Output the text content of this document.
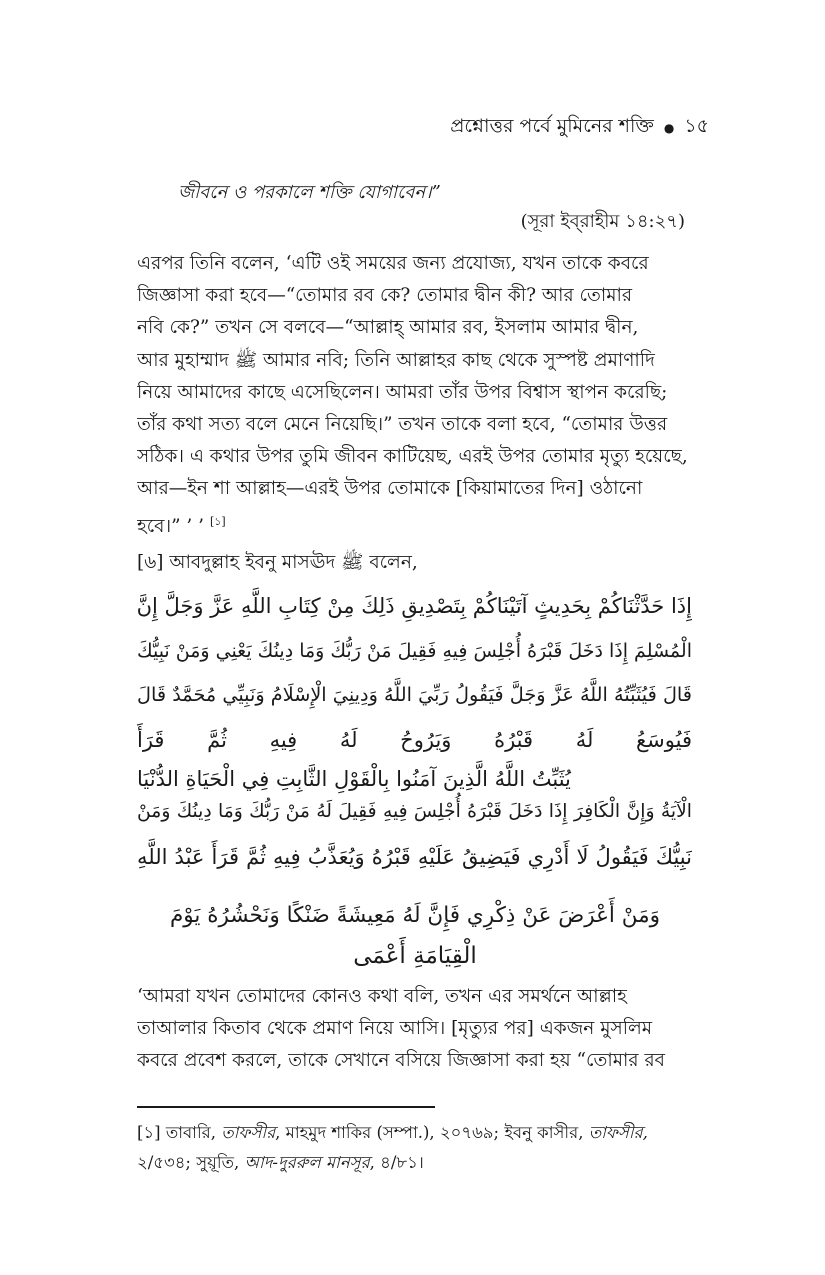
প্রশ্নোত্তর পর্বে মুমিনের শক্তি ● ১৫
জীবনে ও পরকালে শক্তি যোগাবেন।”
(সূরা ইব্‌রাহীম ১৪:২৭)
এরপর তিনি বলেন, ‘এটি ওই সময়ের জন্য প্রযোজ্য, যখন তাকে কবরে
জিজ্ঞাসা করা হবে—“তোমার রব কে? তোমার দ্বীন কী? আর তোমার
নবি কে?” তখন সে বলবে—“আল্লাহ্‌ আমার রব, ইসলাম আমার দ্বীন,
আর মুহাম্মাদ ﷺ আমার নবি; তিনি আল্লাহর কাছ থেকে সুস্পষ্ট প্রমাণাদি
নিয়ে আমাদের কাছে এসেছিলেন। আমরা তাঁর উপর বিশ্বাস স্থাপন করেছি;
তাঁর কথা সত্য বলে মেনে নিয়েছি।” তখন তাকে বলা হবে, “তোমার উত্তর
সঠিক। এ কথার উপর তুমি জীবন কাটিয়েছ, এরই উপর তোমার মৃত্যু হয়েছে,
আর—ইন শা আল্লাহ—এরই উপর তোমাকে [কিয়ামাতের দিন] ওঠানো
হবে।” ’ ’ [১]
[৬] আবদুল্লাহ ইবনু মাসঊদ ﷺ বলেন,
إِذَا حَدَّثْنَاكُمْ بِحَدِيثٍ آتَيْنَاكُمْ بِتَصْدِيقِ ذَلِكَ مِنْ كِتَابِ اللَّهِ عَزَّ وَجَلَّ إِنَّ
الْمُسْلِمَ إِذَا دَخَلَ قَبْرَهُ أُجْلِسَ فِيهِ فَقِيلَ مَنْ رَبُّكَ وَمَا دِينُكَ يَعْنِي وَمَنْ نَبِيُّكَ
قَالَ فَيُثَبِّتُهُ اللَّهُ عَزَّ وَجَلَّ فَيَقُولُ رَبِّيَ اللَّهُ وَدِينِيَ الْإِسْلَامُ وَنَبِيِّي مُحَمَّدٌ قَالَ
فَيُوسَعُ لَهُ قَبْرُهُ وَيَرُوحُ لَهُ فِيهِ ثُمَّ قَرَأَ
يُثَبِّتُ اللَّهُ الَّذِينَ آمَنُوا بِالْقَوْلِ الثَّابِتِ فِي الْحَيَاةِ الدُّنْيَا
الْآيَةُ وَإِنَّ الْكَافِرَ إِذَا دَخَلَ قَبْرَهُ أُجْلِسَ فِيهِ فَقِيلَ لَهُ مَنْ رَبُّكَ وَمَا دِينُكَ وَمَنْ
نَبِيُّكَ فَيَقُولُ لَا أَدْرِي فَيَضِيقُ عَلَيْهِ قَبْرُهُ وَيُعَذَّبُ فِيهِ ثُمَّ قَرَأَ عَبْدُ اللَّهِ
وَمَنْ أَعْرَضَ عَنْ ذِكْرِي فَإِنَّ لَهُ مَعِيشَةً ضَنْكًا وَنَحْشُرُهُ يَوْمَ
الْقِيَامَةِ أَعْمَى
‘আমরা যখন তোমাদের কোনও কথা বলি, তখন এর সমর্থনে আল্লাহ
তাআলার কিতাব থেকে প্রমাণ নিয়ে আসি। [মৃত্যুর পর] একজন মুসলিম
কবরে প্রবেশ করলে, তাকে সেখানে বসিয়ে জিজ্ঞাসা করা হয় “তোমার রব
[১] তাবারি, তাফসীর, মাহমুদ শাকির (সম্পা.), ২০৭৬৯; ইবনু কাসীর, তাফসীর,
২/৫৩৪; সুয়ূতি, আদ-দুররুল মানসূর, ৪/৮১।
